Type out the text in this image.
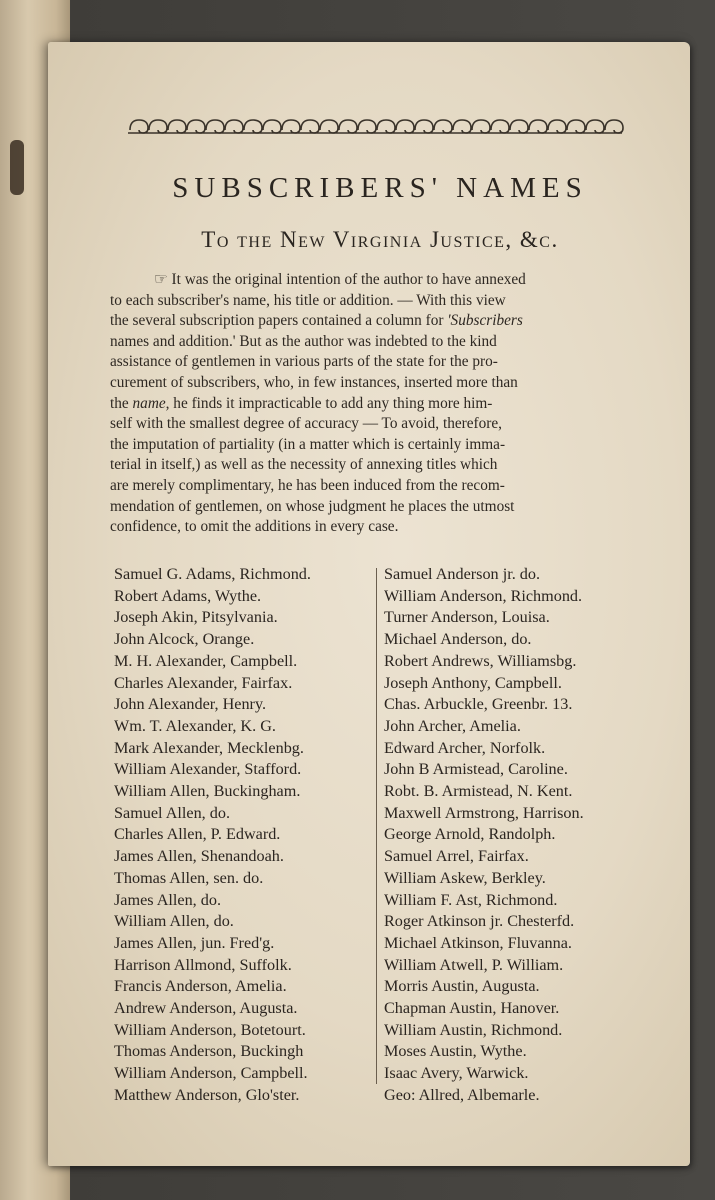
SUBSCRIBERS' NAMES
To the New Virginia Justice, &c.
☞ It was the original intention of the author to have annexed
to each subscriber's name, his title or addition. — With this view
the several subscription papers contained a column for 'Subscribers
names and addition.' But as the author was indebted to the kind
assistance of gentlemen in various parts of the state for the pro-
curement of subscribers, who, in few instances, inserted more than
the name, he finds it impracticable to add any thing more him-
self with the smallest degree of accuracy — To avoid, therefore,
the imputation of partiality (in a matter which is certainly imma-
terial in itself,) as well as the necessity of annexing titles which
are merely complimentary, he has been induced from the recom-
mendation of gentlemen, on whose judgment he places the utmost
confidence, to omit the additions in every case.
Samuel G. Adams, Richmond.
Robert Adams, Wythe.
Joseph Akin, Pitsylvania.
John Alcock, Orange.
M. H. Alexander, Campbell.
Charles Alexander, Fairfax.
John Alexander, Henry.
Wm. T. Alexander, K. G.
Mark Alexander, Mecklenbg.
William Alexander, Stafford.
William Allen, Buckingham.
Samuel Allen, do.
Charles Allen, P. Edward.
James Allen, Shenandoah.
Thomas Allen, sen. do.
James Allen, do.
William Allen, do.
James Allen, jun. Fred'g.
Harrison Allmond, Suffolk.
Francis Anderson, Amelia.
Andrew Anderson, Augusta.
William Anderson, Botetourt.
Thomas Anderson, Buckingh
William Anderson, Campbell.
Matthew Anderson, Glo'ster.
Samuel Anderson jr. do.
William Anderson, Richmond.
Turner Anderson, Louisa.
Michael Anderson, do.
Robert Andrews, Williamsbg.
Joseph Anthony, Campbell.
Chas. Arbuckle, Greenbr. 13.
John Archer, Amelia.
Edward Archer, Norfolk.
John B Armistead, Caroline.
Robt. B. Armistead, N. Kent.
Maxwell Armstrong, Harrison.
George Arnold, Randolph.
Samuel Arrel, Fairfax.
William Askew, Berkley.
William F. Ast, Richmond.
Roger Atkinson jr. Chesterfd.
Michael Atkinson, Fluvanna.
William Atwell, P. William.
Morris Austin, Augusta.
Chapman Austin, Hanover.
William Austin, Richmond.
Moses Austin, Wythe.
Isaac Avery, Warwick.
Geo: Allred, Albemarle.
